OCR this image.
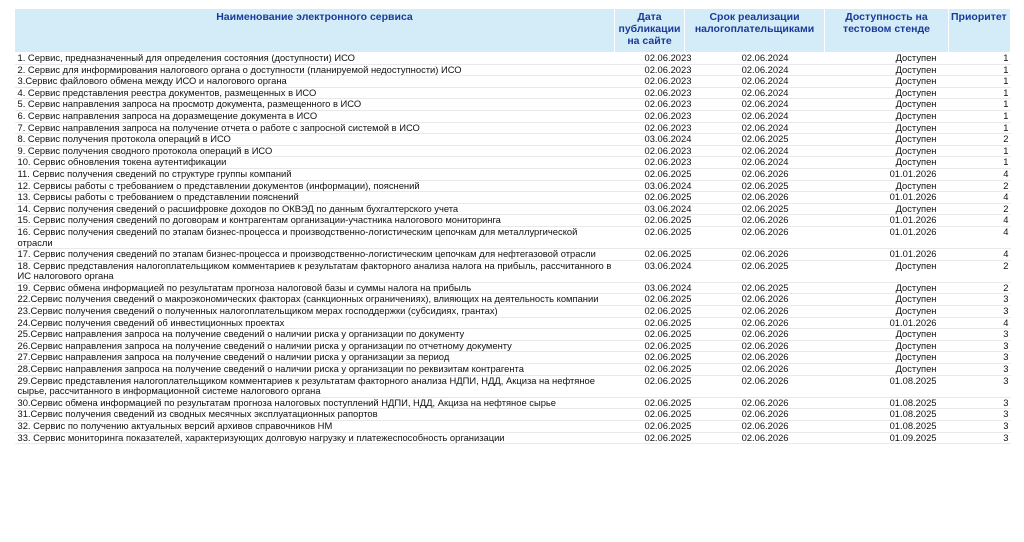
Наименование электронного сервиса	Дата публикации на сайте	Срок реализации налогоплательщиками	Доступность на тестовом стенде	Приоритет
1. Сервис, предназначенный для определения состояния (доступности) ИСО	02.06.2023	02.06.2024	Доступен	1
2. Сервис для информирования налогового органа о доступности (планируемой недоступности) ИСО	02.06.2023	02.06.2024	Доступен	1
3.Сервис файлового обмена между ИСО и налогового органа	02.06.2023	02.06.2024	Доступен	1
4. Сервис представления реестра документов, размещенных в ИСО	02.06.2023	02.06.2024	Доступен	1
5. Сервис направления запроса на просмотр документа, размещенного в ИСО	02.06.2023	02.06.2024	Доступен	1
6. Сервис направления запроса на доразмещение документа в ИСО	02.06.2023	02.06.2024	Доступен	1
7. Сервис направления запроса на получение отчета о работе с запросной системой в ИСО	02.06.2023	02.06.2024	Доступен	1
8. Сервис получения протокола операций в ИСО	03.06.2024	02.06.2025	Доступен	2
9. Сервис получения сводного протокола операций в ИСО	02.06.2023	02.06.2024	Доступен	1
10. Сервис обновления токена аутентификации	02.06.2023	02.06.2024	Доступен	1
11. Сервис получения сведений по структуре группы компаний	02.06.2025	02.06.2026	01.01.2026	4
12. Сервисы работы с требованием о представлении документов (информации), пояснений	03.06.2024	02.06.2025	Доступен	2
13. Сервисы работы с требованием о представлении пояснений	02.06.2025	02.06.2026	01.01.2026	4
14. Сервис получения сведений о расшифровке доходов по ОКВЭД по данным бухгалтерского учета	03.06.2024	02.06.2025	Доступен	2
15. Сервис получения сведений по договорам и контрагентам организации-участника налогового мониторинга	02.06.2025	02.06.2026	01.01.2026	4
16. Сервис получения сведений по этапам бизнес-процесса и производственно-логистическим цепочкам для металлургической отрасли	02.06.2025	02.06.2026	01.01.2026	4
17. Сервис получения сведений по этапам бизнес-процесса и производственно-логистическим цепочкам для нефтегазовой отрасли	02.06.2025	02.06.2026	01.01.2026	4
18. Сервис представления налогоплательщиком комментариев к результатам факторного анализа налога на прибыль, рассчитанного в ИС налогового органа	03.06.2024	02.06.2025	Доступен	2
19. Сервис обмена информацией по результатам прогноза налоговой базы и суммы налога на прибыль	03.06.2024	02.06.2025	Доступен	2
22.Сервис получения сведений о макроэкономических факторах (санкционных ограничениях), влияющих на деятельность компании	02.06.2025	02.06.2026	Доступен	3
23.Сервис получения сведений о полученных налогоплательщиком мерах господдержки (субсидиях, грантах)	02.06.2025	02.06.2026	Доступен	3
24.Сервис получения сведений об инвестиционных проектах	02.06.2025	02.06.2026	01.01.2026	4
25.Сервис направления запроса на получение сведений о наличии риска у организации по документу	02.06.2025	02.06.2026	Доступен	3
26.Сервис направления запроса на получение сведений о наличии риска у организации по отчетному документу	02.06.2025	02.06.2026	Доступен	3
27.Сервис направления запроса на получение сведений о наличии риска у организации за период	02.06.2025	02.06.2026	Доступен	3
28.Сервис направления запроса на получение сведений о наличии риска у организации по реквизитам контрагента	02.06.2025	02.06.2026	Доступен	3
29.Сервис представления налогоплательщиком комментариев к результатам факторного анализа НДПИ, НДД, Акциза на нефтяное сырье, рассчитанного в информационной системе налогового органа	02.06.2025	02.06.2026	01.08.2025	3
30.Сервис обмена информацией по результатам прогноза налоговых поступлений НДПИ, НДД, Акциза на нефтяное сырье	02.06.2025	02.06.2026	01.08.2025	3
31.Сервис получения сведений из сводных месячных эксплуатационных рапортов	02.06.2025	02.06.2026	01.08.2025	3
32. Сервис по получению актуальных версий архивов справочников НМ	02.06.2025	02.06.2026	01.08.2025	3
33. Сервис мониторинга показателей, характеризующих долговую нагрузку и платежеспособность организации	02.06.2025	02.06.2026	01.09.2025	3
